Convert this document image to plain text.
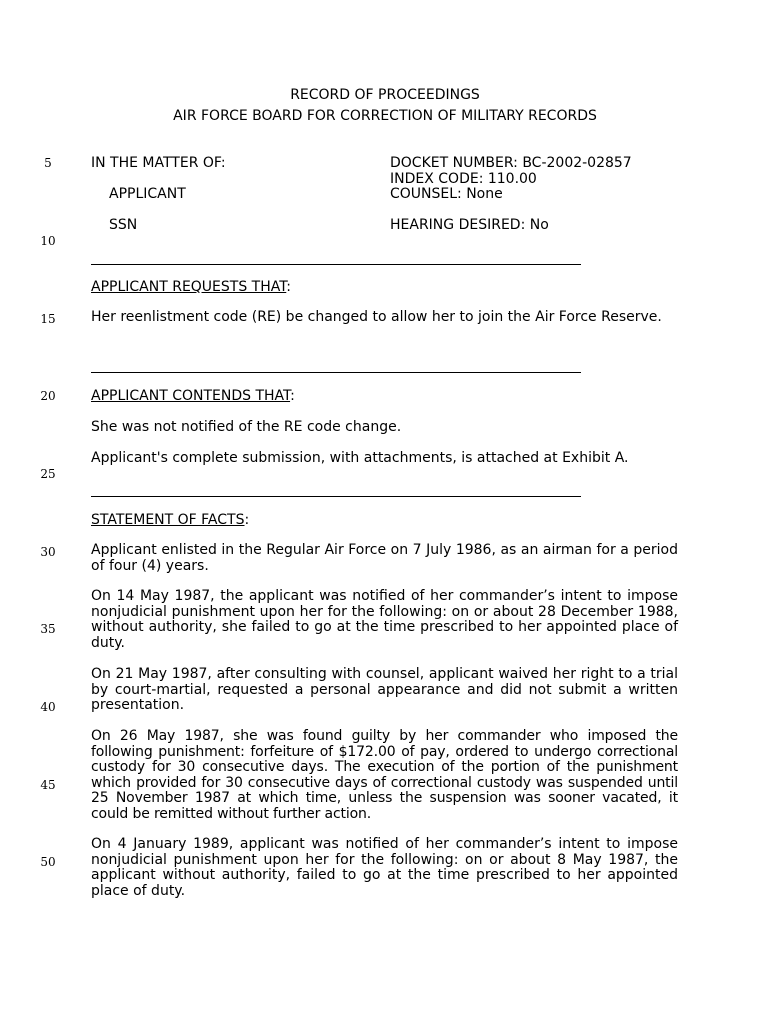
RECORD OF PROCEEDINGS
AIR FORCE BOARD FOR CORRECTION OF MILITARY RECORDS
5
10
15
20
25
30
35
40
45
50
IN THE MATTER OF:
APPLICANT
SSN
DOCKET NUMBER: BC-2002-02857
INDEX CODE: 110.00
COUNSEL: None
HEARING DESIRED: No
APPLICANT REQUESTS THAT:
Her reenlistment code (RE) be changed to allow her to join the Air Force Reserve.
APPLICANT CONTENDS THAT:
She was not notified of the RE code change.
Applicant's complete submission, with attachments, is attached at Exhibit A.
STATEMENT OF FACTS:
Applicant enlisted in the Regular Air Force on 7 July 1986, as an airman for a period of four (4) years.
On 14 May 1987, the applicant was notified of her commander’s intent to impose nonjudicial punishment upon her for the following: on or about 28 December 1988, without authority, she failed to go at the time prescribed to her appointed place of duty.
On 21 May 1987, after consulting with counsel, applicant waived her right to a trial by court-martial, requested a personal appearance and did not submit a written presentation.
On 26 May 1987, she was found guilty by her commander who imposed the following punishment: forfeiture of $172.00 of pay, ordered to undergo correctional custody for 30 consecutive days. The execution of the portion of the punishment which provided for 30 consecutive days of correctional custody was suspended until 25 November 1987 at which time, unless the suspension was sooner vacated, it could be remitted without further action.
On 4 January 1989, applicant was notified of her commander’s intent to impose nonjudicial punishment upon her for the following: on or about 8 May 1987, the applicant without authority, failed to go at the time prescribed to her appointed place of duty.
